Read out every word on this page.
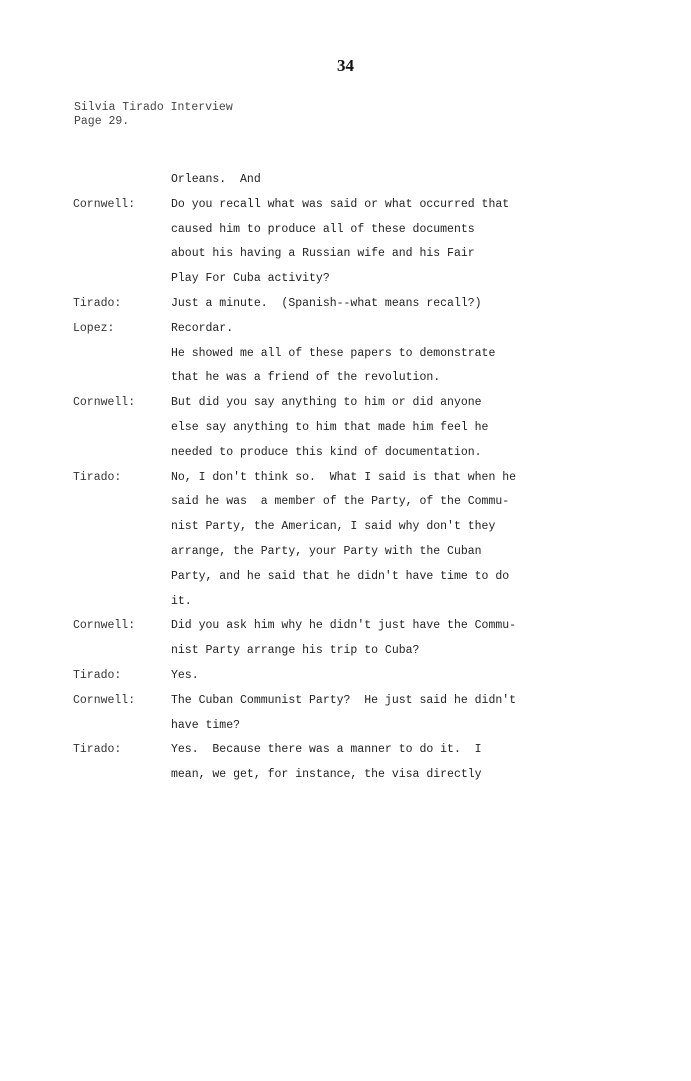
34
Silvia Tirado Interview
Page 29.
Orleans.  And
Cornwell:	Do you recall what was said or what occurred that
caused him to produce all of these documents
about his having a Russian wife and his Fair
Play For Cuba activity?
Tirado:	Just a minute.  (Spanish--what means recall?)
Lopez:	Recordar.
He showed me all of these papers to demonstrate
that he was a friend of the revolution.
Cornwell:	But did you say anything to him or did anyone
else say anything to him that made him feel he
needed to produce this kind of documentation.
Tirado:	No, I don't think so.  What I said is that when he
said he was  a member of the Party, of the Commu-
nist Party, the American, I said why don't they
arrange, the Party, your Party with the Cuban
Party, and he said that he didn't have time to do
it.
Cornwell:	Did you ask him why he didn't just have the Commu-
nist Party arrange his trip to Cuba?
Tirado:	Yes.
Cornwell:	The Cuban Communist Party?  He just said he didn't
have time?
Tirado:	Yes.  Because there was a manner to do it.  I
mean, we get, for instance, the visa directly
